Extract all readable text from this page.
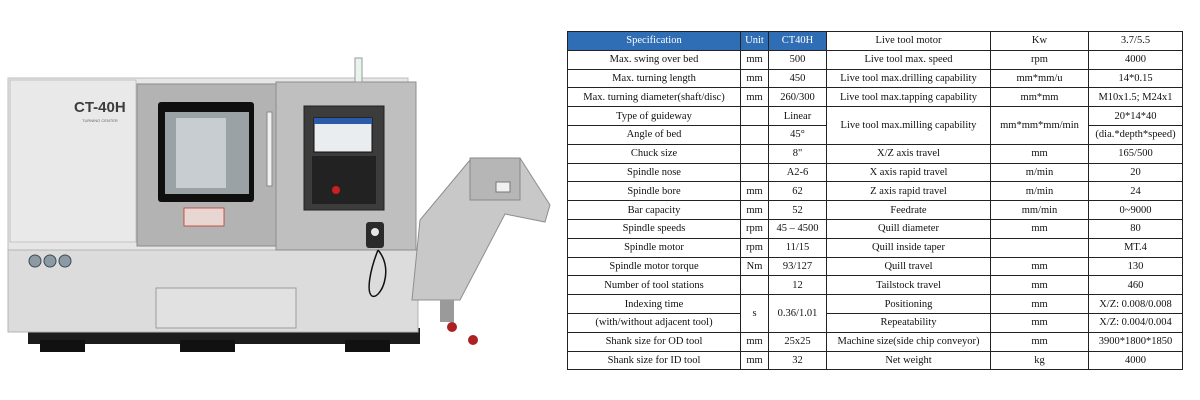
CT-40H
TURNING CENTER
Specification	Unit	CT40H	Live tool motor	Kw	3.7/5.5
Max. swing over bed	mm	500	Live tool max. speed	rpm	4000
Max. turning length	mm	450	Live tool max.drilling capability	mm*mm/u	14*0.15
Max. turning diameter(shaft/disc)	mm	260/300	Live tool max.tapping capability	mm*mm	M10x1.5; M24x1
Type of guideway		Linear	Live tool max.milling capability	mm*mm*mm/min	20*14*40
Angle of bed		45°			(dia.*depth*speed)
Chuck size		8"	X/Z axis travel	mm	165/500
Spindle nose		A2-6	X axis rapid travel	m/min	20
Spindle bore	mm	62	Z axis rapid travel	m/min	24
Bar capacity	mm	52	Feedrate	mm/min	0~9000
Spindle speeds	rpm	45 – 4500	Quill diameter	mm	80
Spindle motor	rpm	11/15	Quill inside taper		MT.4
Spindle motor torque	Nm	93/127	Quill travel	mm	130
Number of tool stations		12	Tailstock travel	mm	460
Indexing time	s	0.36/1.01	Positioning	mm	X/Z: 0.008/0.008
(with/without adjacent tool)			Repeatability	mm	X/Z: 0.004/0.004
Shank size for OD tool	mm	25x25	Machine size(side chip conveyor)	mm	3900*1800*1850
Shank size for ID tool	mm	32	Net weight	kg	4000
